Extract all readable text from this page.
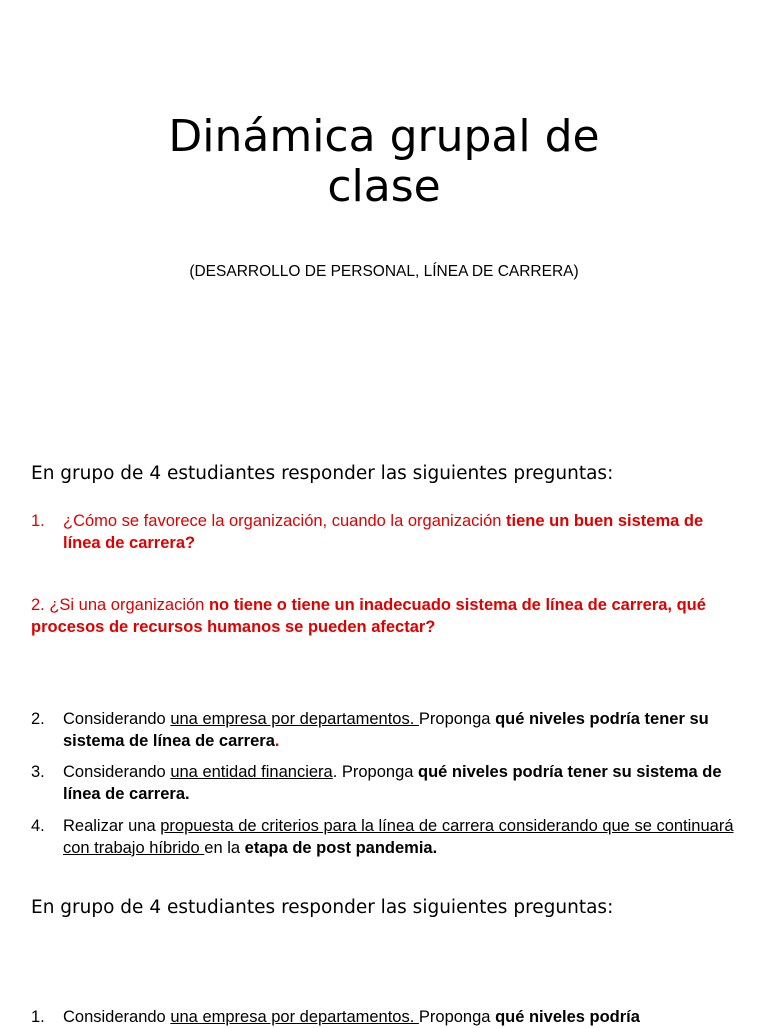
Dinámica grupal de
clase
(DESARROLLO DE PERSONAL, LÍNEA DE CARRERA)
En grupo de 4 estudiantes responder las siguientes preguntas:
1. ¿Cómo se favorece la organización, cuando la organización tiene un buen sistema de línea de carrera?
2. ¿Si una organización no tiene o tiene un inadecuado sistema de línea de carrera, qué procesos de recursos humanos se pueden afectar?
2. Considerando una empresa por departamentos. Proponga qué niveles podría tener su sistema de línea de carrera.
3. Considerando una entidad financiera. Proponga qué niveles podría tener su sistema de línea de carrera.
4. Realizar una propuesta de criterios para la línea de carrera considerando que se continuará con trabajo híbrido en la etapa de post pandemia.
En grupo de 4 estudiantes responder las siguientes preguntas:
1. Considerando una empresa por departamentos. Proponga qué niveles podría
